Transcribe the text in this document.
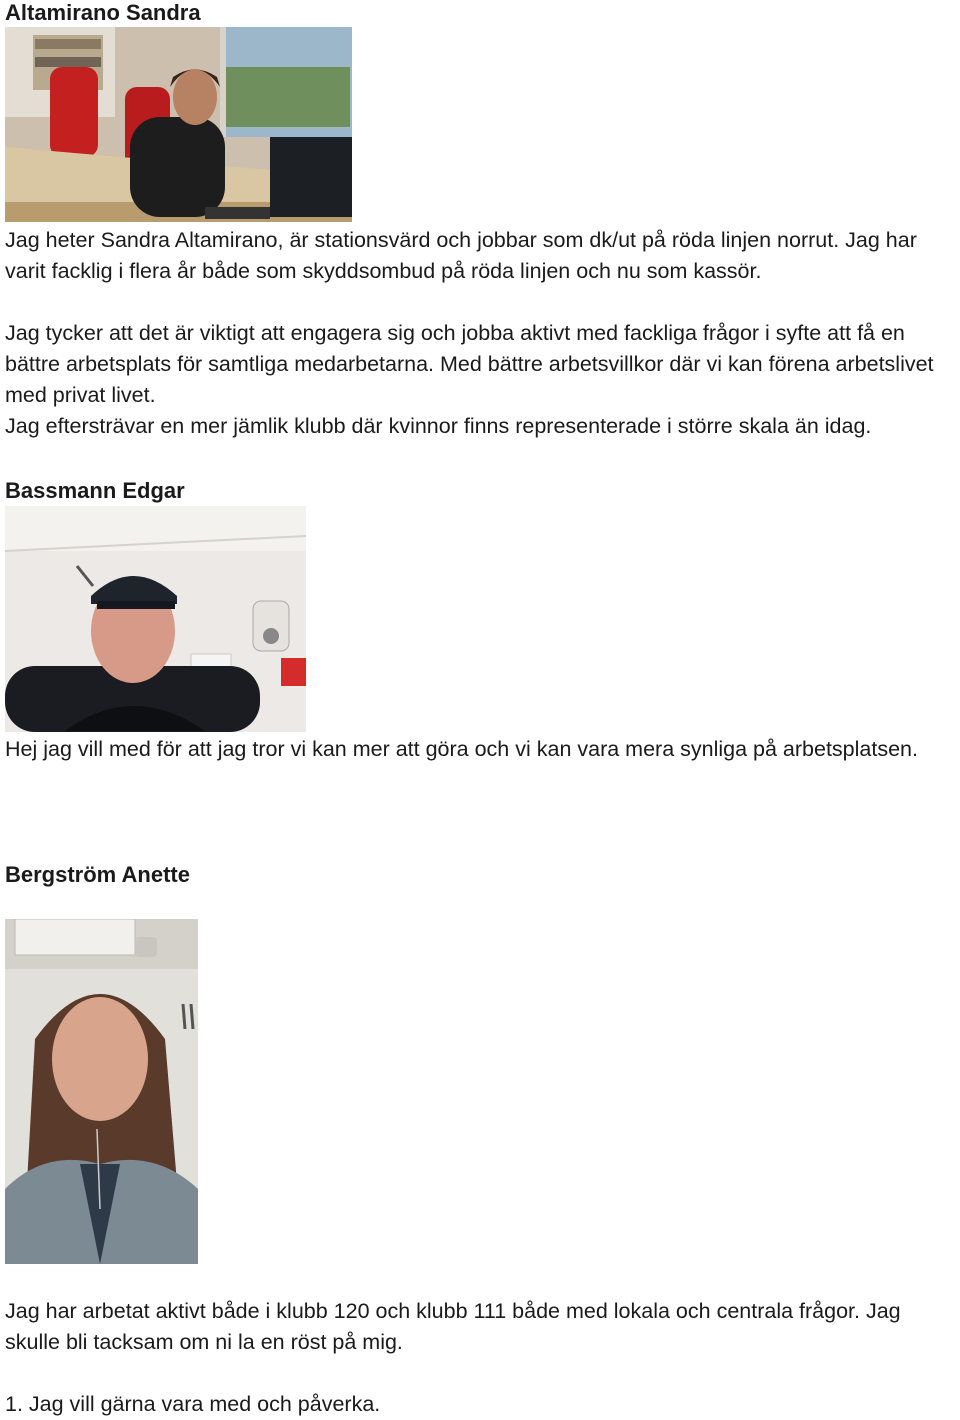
Altamirano Sandra

Jag heter Sandra Altamirano, är stationsvärd och jobbar som dk/ut på röda linjen norrut. Jag har varit facklig i flera år både som skyddsombud på röda linjen och nu som kassör.

Jag tycker att det är viktigt att engagera sig och jobba aktivt med fackliga frågor i syfte att få en bättre arbetsplats för samtliga medarbetarna. Med bättre arbetsvillkor där vi kan förena arbetslivet med privat livet.

Jag eftersträvar en mer jämlik klubb där kvinnor finns representerade i större skala än idag.

Bassmann Edgar

Hej jag vill med för att jag tror vi kan mer att göra och vi kan vara mera synliga på arbetsplatsen.

Bergström Anette

Jag har arbetat aktivt både i klubb 120 och klubb 111 både med lokala och centrala frågor. Jag skulle bli tacksam om ni la en röst på mig.

1. Jag vill gärna vara med och påverka.
